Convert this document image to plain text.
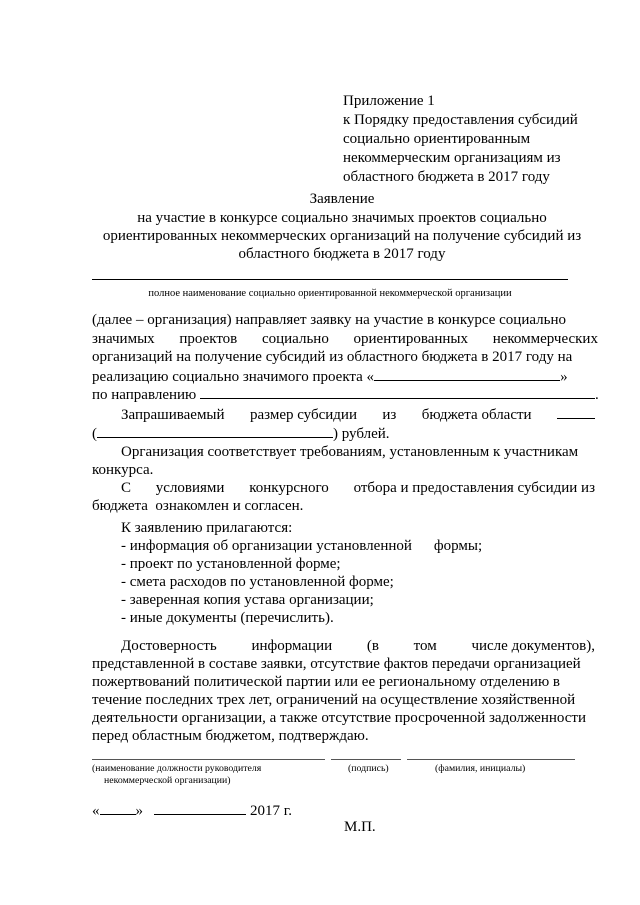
Приложение 1
к Порядку предоставления субсидий
социально ориентированным
некоммерческим организациям из
областного бюджета в 2017 году
Заявление
на участие в конкурсе социально значимых проектов социально
ориентированных некоммерческих организаций на получение субсидий из
областного бюджета в 2017 году
полное наименование социально ориентированной некоммерческой организации
(далее – организация) направляет заявку на участие в конкурсе социально
значимых проектов социально ориентированных некоммерческих
организаций на получение субсидий из областного бюджета в 2017 году на
реализацию социально значимого проекта «	»
по направлению	.
Запрашиваемый размер субсидии из бюджета области
(	) рублей.
Организация соответствует требованиям, установленным к участникам
конкурса.
С условиями конкурсного отбора и предоставления субсидии из
бюджета  ознакомлен и согласен.
К заявлению прилагаются:
- информация об организации установленной формы;
- проект по установленной форме;
- смета расходов по установленной форме;
- заверенная копия устава организации;
- иные документы (перечислить).
Достоверность информации (в том числе документов),
представленной в составе заявки, отсутствие фактов передачи организацией
пожертвований политической партии или ее региональному отделению в
течение последних трех лет, ограничений на осуществление хозяйственной
деятельности организации, а также отсутствие просроченной задолженности
перед областным бюджетом, подтверждаю.
(наименование должности руководителя
некоммерческой организации)
(подпись)	(фамилия, инициалы)
« »	2017 г.
М.П.
